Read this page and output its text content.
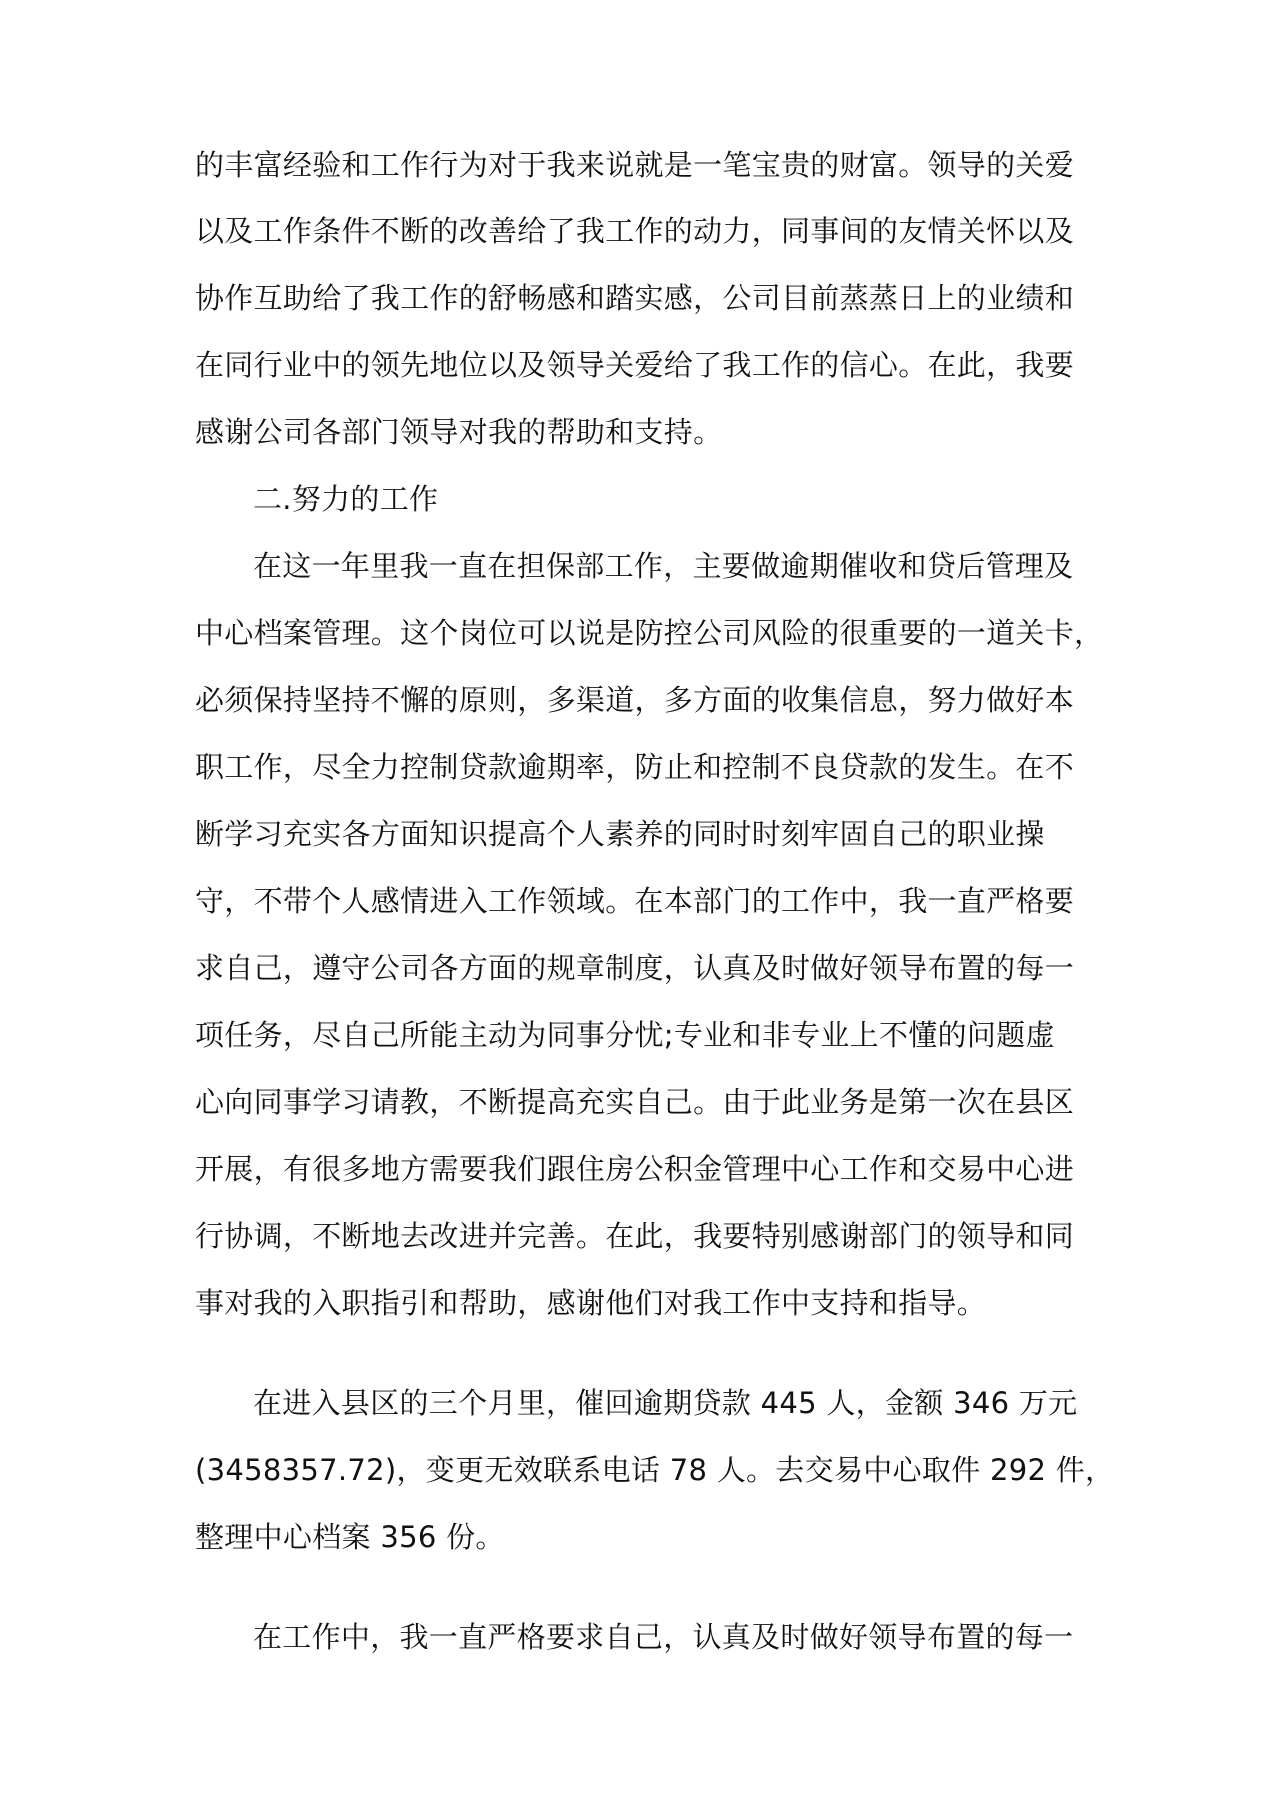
的丰富经验和工作行为对于我来说就是一笔宝贵的财富。领导的关爱
以及工作条件不断的改善给了我工作的动力，同事间的友情关怀以及
协作互助给了我工作的舒畅感和踏实感，公司目前蒸蒸日上的业绩和
在同行业中的领先地位以及领导关爱给了我工作的信心。在此，我要
感谢公司各部门领导对我的帮助和支持。
二.努力的工作
在这一年里我一直在担保部工作，主要做逾期催收和贷后管理及
中心档案管理。这个岗位可以说是防控公司风险的很重要的一道关卡，
必须保持坚持不懈的原则，多渠道，多方面的收集信息，努力做好本
职工作，尽全力控制贷款逾期率，防止和控制不良贷款的发生。在不
断学习充实各方面知识提高个人素养的同时时刻牢固自己的职业操
守，不带个人感情进入工作领域。在本部门的工作中，我一直严格要
求自己，遵守公司各方面的规章制度，认真及时做好领导布置的每一
项任务，尽自己所能主动为同事分忧;专业和非专业上不懂的问题虚
心向同事学习请教，不断提高充实自己。由于此业务是第一次在县区
开展，有很多地方需要我们跟住房公积金管理中心工作和交易中心进
行协调，不断地去改进并完善。在此，我要特别感谢部门的领导和同
事对我的入职指引和帮助，感谢他们对我工作中支持和指导。
在进入县区的三个月里，催回逾期贷款 445 人，金额 346 万元
(3458357.72)，变更无效联系电话 78 人。去交易中心取件 292 件，
整理中心档案 356 份。
在工作中，我一直严格要求自己，认真及时做好领导布置的每一
